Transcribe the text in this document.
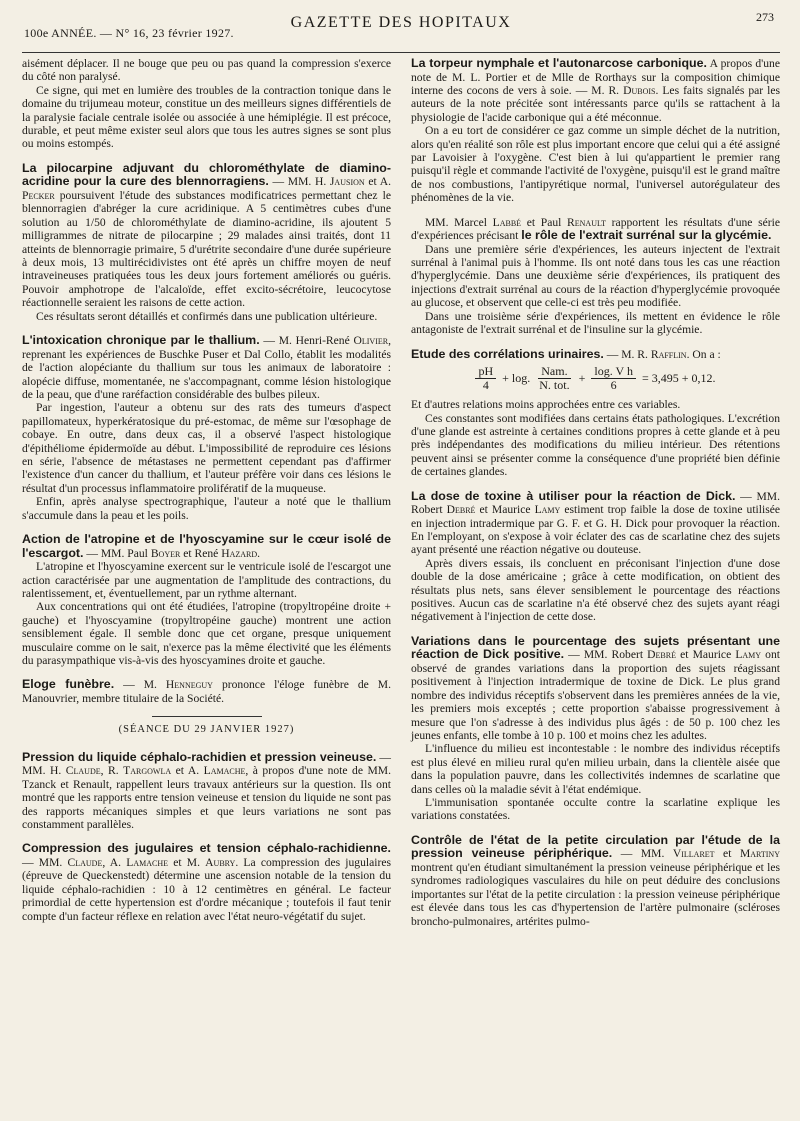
100e ANNÉE. — N° 16, 23 février 1927.
GAZETTE DES HOPITAUX	273

aisément déplacer. Il ne bouge que peu ou pas quand la compression s'exerce du côté non paralysé.

Ce signe, qui met en lumière des troubles de la contraction tonique dans le domaine du trijumeau moteur, constitue un des meilleurs signes différentiels de la paralysie faciale centrale isolée ou associée à une hémiplégie. Il est précoce, durable, et peut même exister seul alors que tous les autres signes se sont plus ou moins estompés.

La pilocarpine adjuvant du chlorométhylate de diamino-acridine pour la cure des blennorragiens. — MM. H. Jausion et A. Pecker poursuivent l'étude des substances modificatrices permettant chez le blennorragien d'abréger la cure acridinique. A 5 centimètres cubes d'une solution au 1/50 de chlorométhylate de diamino-acridine, ils ajoutent 5 milligrammes de nitrate de pilocarpine ; 29 malades ainsi traités, dont 11 atteints de blennorragie primaire, 5 d'urétrite secondaire d'une durée supérieure à deux mois, 13 multirécidivistes ont été après un chiffre moyen de neuf intraveineuses pratiquées tous les deux jours fortement améliorés ou guéris. Pouvoir amphotrope de l'alcaloïde, effet excito-sécrétoire, leucocytose réactionnelle seraient les raisons de cette action.

Ces résultats seront détaillés et confirmés dans une publication ultérieure.

L'intoxication chronique par le thallium. — M. Henri-René Olivier, reprenant les expériences de Buschke Puser et Dal Collo, établit les modalités de l'action alopéciante du thallium sur tous les animaux de laboratoire : alopécie diffuse, momentanée, ne s'accompagnant, comme lésion histologique de la peau, que d'une raréfaction considérable des bulbes pileux.

Par ingestion, l'auteur a obtenu sur des rats des tumeurs d'aspect papillomateux, hyperkératosique du pré-estomac, de même sur l'œsophage de cobaye. En outre, dans deux cas, il a observé l'aspect histologique d'épithéliome épidermoïde au début. L'impossibilité de reproduire ces lésions en série, l'absence de métastases ne permettent cependant pas d'affirmer l'existence d'un cancer du thallium, et l'auteur préfère voir dans ces lésions le résultat d'un processus inflammatoire prolifératif de la muqueuse.

Enfin, après analyse spectrographique, l'auteur a noté que le thallium s'accumule dans la peau et les poils.

Action de l'atropine et de l'hyoscyamine sur le cœur isolé de l'escargot. — MM. Paul Boyer et René Hazard.

L'atropine et l'hyoscyamine exercent sur le ventricule isolé de l'escargot une action caractérisée par une augmentation de l'amplitude des contractions, du ralentissement, et, éventuellement, par un rythme alternant.

Aux concentrations qui ont été étudiées, l'atropine (tropyltropéine droite + gauche) et l'hyoscyamine (tropyltropéine gauche) montrent une action sensiblement égale. Il semble donc que cet organe, presque uniquement musculaire comme on le sait, n'exerce pas la même électivité que les éléments du parasympathique vis-à-vis des hyoscyamines droite et gauche.

Eloge funèbre. — M. Henneguy prononce l'éloge funèbre de M. Manouvrier, membre titulaire de la Société.

(SÉANCE DU 29 JANVIER 1927)

Pression du liquide céphalo-rachidien et pression veineuse. — MM. H. Claude, R. Targowla et A. Lamache, à propos d'une note de MM. Tzanck et Renault, rappellent leurs travaux antérieurs sur la question. Ils ont montré que les rapports entre tension veineuse et tension du liquide ne sont pas des rapports mécaniques simples et que leurs variations ne sont pas constamment parallèles.

Compression des jugulaires et tension céphalo-rachidienne. — MM. Claude, A. Lamache et M. Aubry. La compression des jugulaires (épreuve de Queckenstedt) détermine une ascension notable de la tension du liquide céphalo-rachidien : 10 à 12 centimètres en général. Le facteur primordial de cette hypertension est d'ordre mécanique ; toutefois il faut tenir compte d'un facteur réflexe en relation avec l'état neuro-végétatif du sujet.

La torpeur nymphale et l'autonarcose carbonique. A propos d'une note de M. L. Portier et de Mlle de Rorthays sur la composition chimique interne des cocons de vers à soie. — M. R. Dubois. Les faits signalés par les auteurs de la note précitée sont intéressants parce qu'ils se rattachent à la physiologie de l'acide carbonique qui a été méconnue.

On a eu tort de considérer ce gaz comme un simple déchet de la nutrition, alors qu'en réalité son rôle est plus important encore que celui qui a été assigné par Lavoisier à l'oxygène. C'est bien à lui qu'appartient le premier rang puisqu'il règle et commande l'activité de l'oxygène, puisqu'il est le grand maître de nos combustions, l'antipyrétique normal, l'universel autorégulateur des phénomènes de la vie.

MM. Marcel Labbé et Paul Renault rapportent les résultats d'une série d'expériences précisant le rôle de l'extrait surrénal sur la glycémie.

Dans une première série d'expériences, les auteurs injectent de l'extrait surrénal à l'animal puis à l'homme. Ils ont noté dans tous les cas une réaction d'hyperglycémie. Dans une deuxième série d'expériences, ils pratiquent des injections d'extrait surrénal au cours de la réaction d'hyperglycémie provoquée au glucose, et observent que celle-ci est très peu modifiée.

Dans une troisième série d'expériences, ils mettent en évidence le rôle antagoniste de l'extrait surrénal et de l'insuline sur la glycémie.

Etude des corrélations urinaires. — M. R. Rafflin. On a :

$\frac{pH}{4} + \log$. $\frac{\text{Nam.}}{\text{N. tot.}} + \frac{\text{log. V h}}{6} = 3,495 + 0,12$.

Et d'autres relations moins approchées entre ces variables.

Ces constantes sont modifiées dans certains états pathologiques. L'excrétion d'une glande est astreinte à certaines conditions propres à cette glande et à peu près indépendantes des modifications du milieu intérieur. Des rétentions peuvent ainsi se présenter comme la conséquence d'une propriété bien définie de certaines glandes.

La dose de toxine à utiliser pour la réaction de Dick. — MM. Robert Debré et Maurice Lamy estiment trop faible la dose de toxine utilisée en injection intradermique par G. F. et G. H. Dick pour provoquer la réaction. En l'employant, on s'expose à voir éclater des cas de scarlatine chez des sujets ayant présenté une réaction négative ou douteuse.

Après divers essais, ils concluent en préconisant l'injection d'une dose double de la dose américaine ; grâce à cette modification, on obtient des résultats plus nets, sans élever sensiblement le pourcentage des réactions positives. Aucun cas de scarlatine n'a été observé chez des sujets ayant réagi négativement à l'injection de cette dose.

Variations dans le pourcentage des sujets présentant une réaction de Dick positive. — MM. Robert Debré et Maurice Lamy ont observé de grandes variations dans la proportion des sujets réagissant positivement à l'injection intradermique de toxine de Dick. Le plus grand nombre des individus réceptifs s'observent dans les premières années de la vie, les premiers mois exceptés ; cette proportion s'abaisse progressivement à mesure que l'on s'adresse à des individus plus âgés : de 50 p. 100 chez les jeunes enfants, elle tombe à 10 p. 100 et moins chez les adultes.

L'influence du milieu est incontestable : le nombre des individus réceptifs est plus élevé en milieu rural qu'en milieu urbain, dans la clientèle aisée que dans la population pauvre, dans les collectivités indemnes de scarlatine que dans celles où la maladie sévit à l'état endémique.

L'immunisation spontanée occulte contre la scarlatine explique les variations constatées.

Contrôle de l'état de la petite circulation par l'étude de la pression veineuse périphérique. — MM. Villaret et Martiny montrent qu'en étudiant simultanément la pression veineuse périphérique et les syndromes radiologiques vasculaires du hile on peut déduire des conclusions importantes sur l'état de la petite circulation : la pression veineuse périphérique est élevée dans tous les cas d'hypertension de l'artère pulmonaire (scléroses broncho-pulmonaires, artérites pulmo-
